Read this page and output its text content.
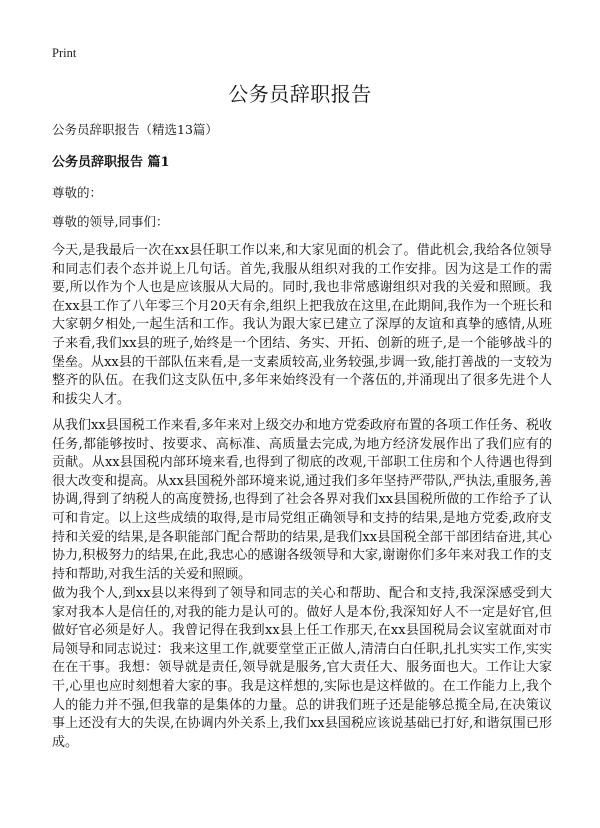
Print
公务员辞职报告
公务员辞职报告（精选13篇）
公务员辞职报告 篇1
尊敬的：
尊敬的领导,同事们：

今天,是我最后一次在xx县任职工作以来,和大家见面的机会了。借此机会,我给各位领导和同志们表个态并说上几句话。首先,我服从组织对我的工作安排。因为这是工作的需要,所以作为个人也是应该服从大局的。同时,我也非常感谢组织对我的关爱和照顾。我在xx县工作了八年零三个月20天有余,组织上把我放在这里,在此期间,我作为一个班长和大家朝夕相处,一起生活和工作。我认为跟大家已建立了深厚的友谊和真挚的感情,从班子来看,我们xx县的班子,始终是一个团结、务实、开拓、创新的班子,是一个能够战斗的堡垒。从xx县的干部队伍来看,是一支素质较高,业务较强,步调一致,能打善战的一支较为整齐的队伍。在我们这支队伍中,多年来始终没有一个落伍的,并涌现出了很多先进个人和拔尖人才。

从我们xx县国税工作来看,多年来对上级交办和地方党委政府布置的各项工作任务、税收任务,都能够按时、按要求、高标准、高质量去完成,为地方经济发展作出了我们应有的贡献。从xx县国税内部环境来看,也得到了彻底的改观,干部职工住房和个人待遇也得到很大改变和提高。从xx县国税外部环境来说,通过我们多年坚持严带队,严执法,重服务,善协调,得到了纳税人的高度赞扬,也得到了社会各界对我们xx县国税所做的工作给予了认可和肯定。以上这些成绩的取得,是市局党组正确领导和支持的结果,是地方党委,政府支持和关爱的结果,是各职能部门配合帮助的结果,是我们xx县国税全部干部团结奋进,其心协力,积极努力的结果,在此,我忠心的感谢各级领导和大家,谢谢你们多年来对我工作的支持和帮助,对我生活的关爱和照顾。

做为我个人,到xx县以来得到了领导和同志的关心和帮助、配合和支持,我深深感受到大家对我本人是信任的,对我的能力是认可的。做好人是本份,我深知好人不一定是好官,但做好官必须是好人。我曾记得在我到xx县上任工作那天,在xx县国税局会议室就面对市局领导和同志说过：我来这里工作,就要堂堂正正做人,清清白白任职,扎扎实实工作,实实在在干事。我想：领导就是责任,领导就是服务,官大责任大、服务面也大。工作让大家干,心里也应时刻想着大家的事。我是这样想的,实际也是这样做的。在工作能力上,我个人的能力并不强,但我靠的是集体的力量。总的讲我们班子还是能够总揽全局,在决策议事上还没有大的失误,在协调内外关系上,我们xx县国税应该说基础已打好,和谐氛围已形成。
